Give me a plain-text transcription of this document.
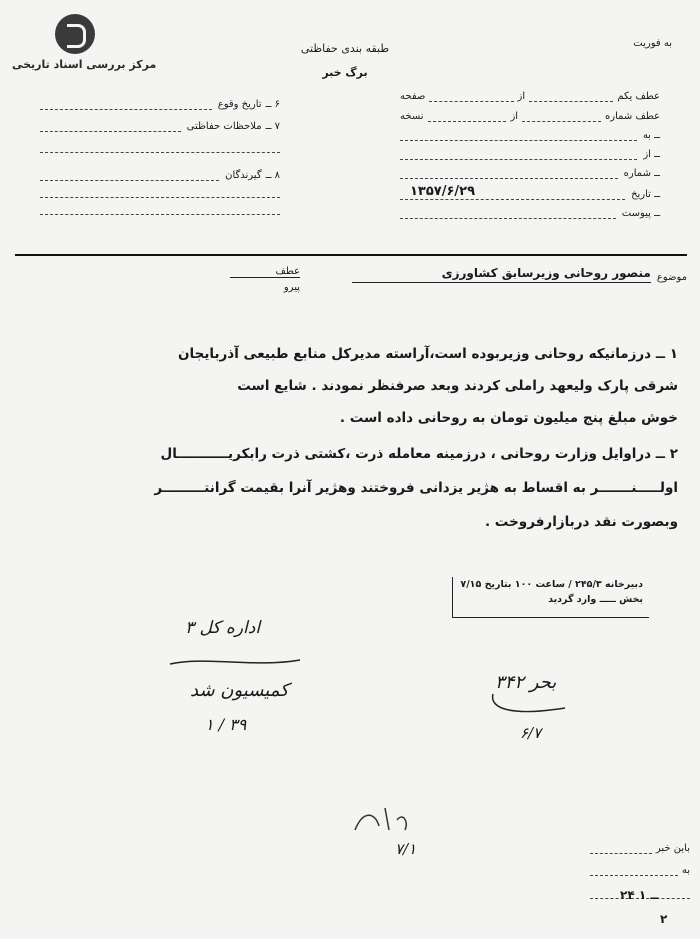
مرکز بررسی اسناد تاریخی
طبقه بندی حفاظتی
برگ خبر
به فوریت
۶ ــ
تاریخ وقوع
۷ ــ
ملاحظات حفاظتی
۸ ــ
گیرندگان
عطف یکم
از
صفحه
عطف شماره
از
نسخه
ــ به
ــ از
ــ شماره
ــ تاریخ
۱۳۵۷/۶/۲۹
ــ پیوست
موضوع
منصور روحانی وزیرسابق کشاورزی
عطف
پیرو
۱ ــ درزمانیکه روحانی وزیربوده است،آراسته مدیرکل منابع طبیعی آذربایجان
شرقی پارک ولیعهد راملی کردند وبعد صرفنظر نمودند . شایع است
خوش مبلغ پنج میلیون تومان به روحانی داده است .
۲ ــ دراوایل وزارت روحانی ، درزمینه معامله ذرت ،کشتی ذرت رابکریـــــــــــال
اولـــــنـــــــر به اقساط به هژیر یزدانی فروختند وهژیر آنرا بقیمت گرانتـــــــــر
وبصورت نقد دربازارفروخت .
دبیرخانه ۲۴۵/۳ / ساعت ۱۰۰ بتاریخ ۷/۱۵
بخش ـــــ وارد گردید
اداره کل ۳
کمیسیون شد
۱ / ۳۹
بحر ۳۴۲
۶/۷
۷/۱	باین خبر
به
۲۴ ــ ۱
۲
